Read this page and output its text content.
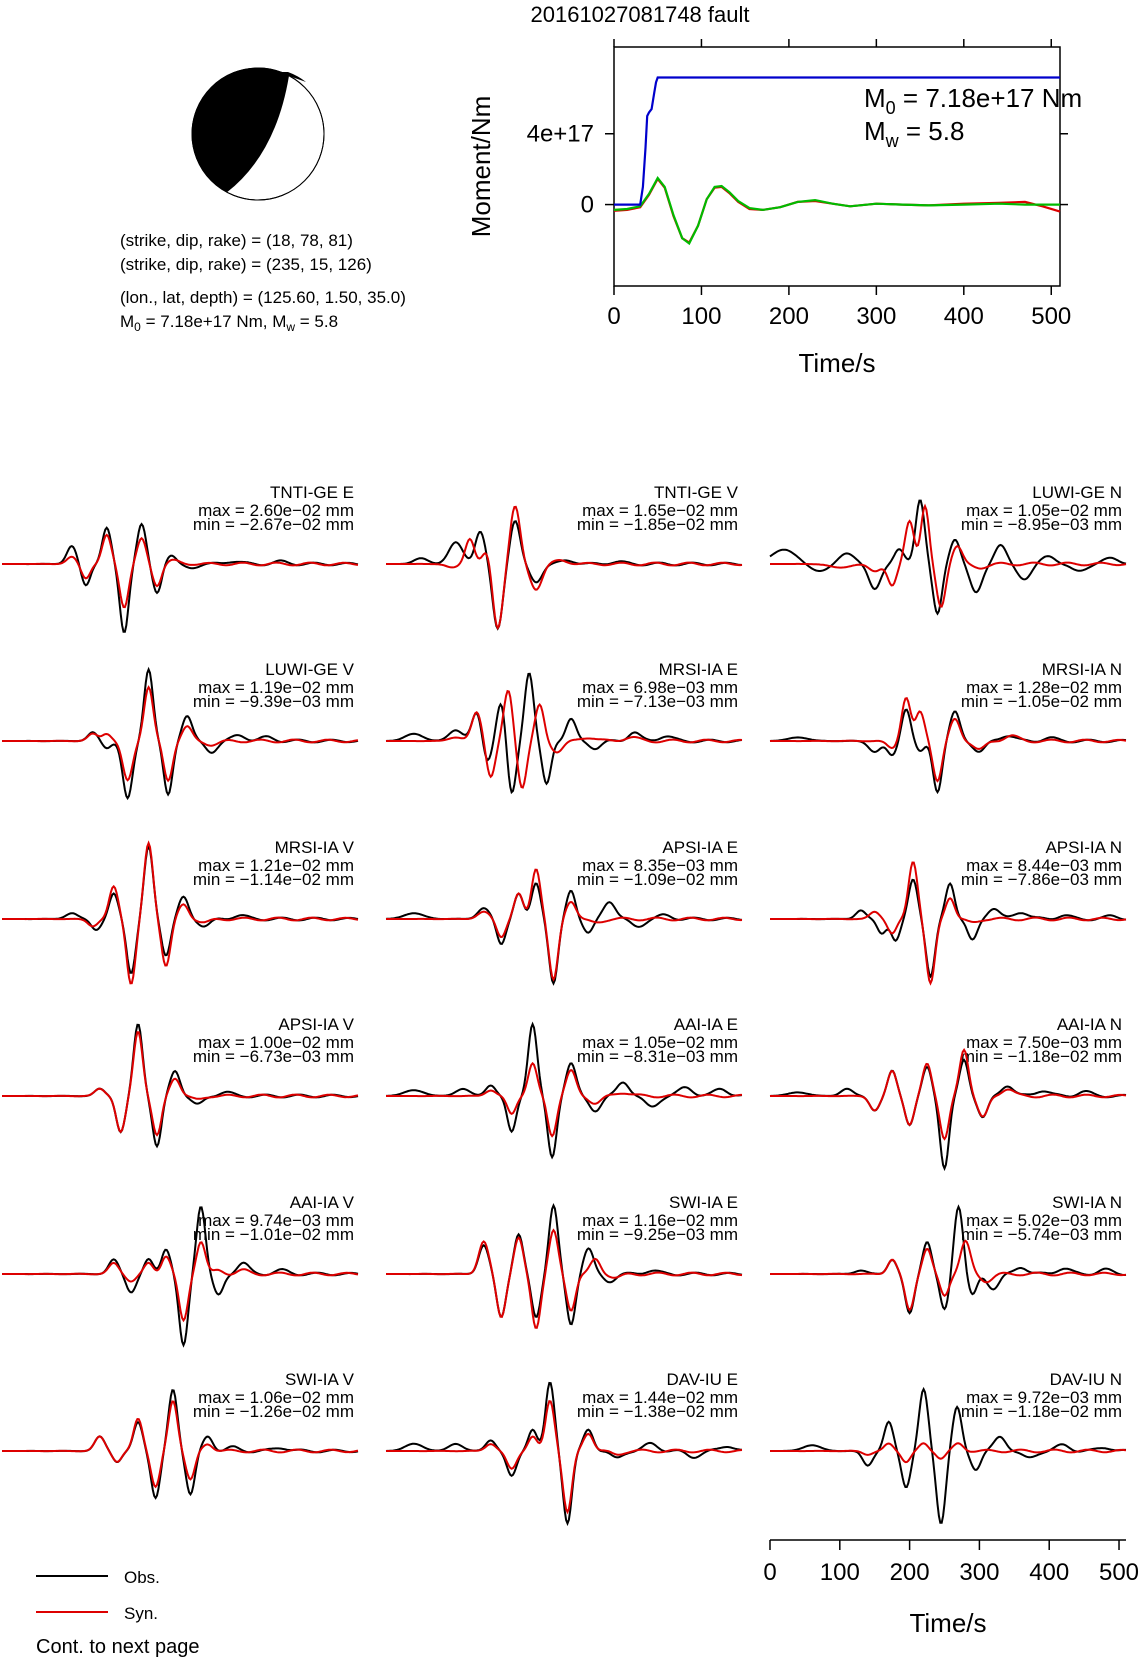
20161027081748 fault
(strike, dip, rake) = (18, 78, 81)
(strike, dip, rake) = (235, 15, 126)
(lon., lat, depth) = (125.60, 1.50, 35.0)
$M_0 = 7.18e+17$ Nm, $M_w = 5.8$	0	100 200 300 400 500
0
4e+17
Time/s
Moment/Nm	$M_0 = 7.18e+17$ Nm
$M_w = 5.8$
TNTI-GE E
max = 2.60e−02 mm
min = −2.67e−02 mm
TNTI-GE V
max = 1.65e−02 mm
min = −1.85e−02 mm
LUWI-GE N
max = 1.05e−02 mm
min = −8.95e−03 mm
LUWI-GE V
max = 1.19e−02 mm
min = −9.39e−03 mm
MRSI-IA E
max = 6.98e−03 mm
min = −7.13e−03 mm
MRSI-IA N
max = 1.28e−02 mm
min = −1.05e−02 mm
MRSI-IA V
max = 1.21e−02 mm
min = −1.14e−02 mm
APSI-IA E
max = 8.35e−03 mm
min = −1.09e−02 mm
APSI-IA N
max = 8.44e−03 mm
min = −7.86e−03 mm
APSI-IA V
max = 1.00e−02 mm
min = −6.73e−03 mm
AAI-IA E
max = 1.05e−02 mm
min = −8.31e−03 mm
AAI-IA N
max = 7.50e−03 mm
min = −1.18e−02 mm
AAI-IA V
max = 9.74e−03 mm
min = −1.01e−02 mm
SWI-IA E
max = 1.16e−02 mm
min = −9.25e−03 mm
SWI-IA N
max = 5.02e−03 mm
min = −5.74e−03 mm
SWI-IA V
max = 1.06e−02 mm
min = −1.26e−02 mm
DAV-IU E
max = 1.44e−02 mm
min = −1.38e−02 mm
DAV-IU N
max = 9.72e−03 mm
min = −1.18e−02 mm
0 100 200 300 400 500
Time/s
Obs.
Syn.
Cont. to next page
